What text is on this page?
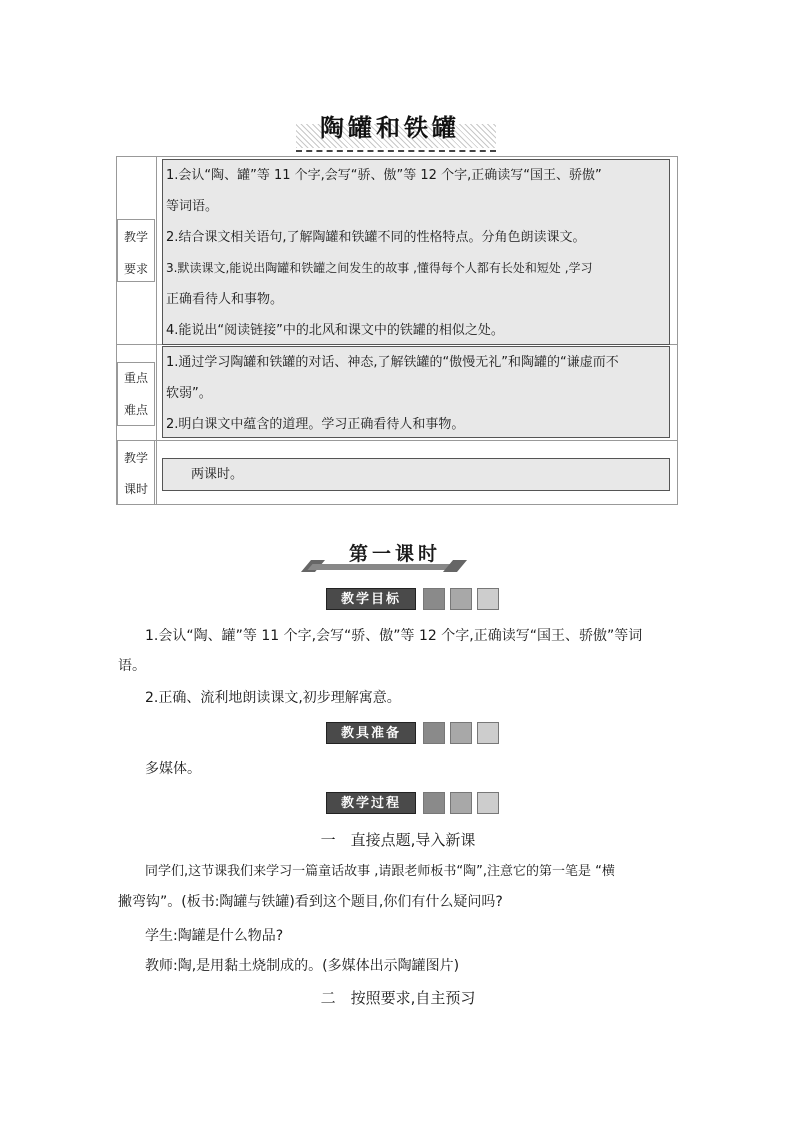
陶罐和铁罐
教学
要求

1.会认“陶、罐”等 11 个字,会写“骄、傲”等 12 个字,正确读写“国王、骄傲”

等词语。

2.结合课文相关语句,了解陶罐和铁罐不同的性格特点。分角色朗读课文。

3.默读课文,能说出陶罐和铁罐之间发生的故事 ,懂得每个人都有长处和短处 ,学习

正确看待人和事物。

4.能说出“阅读链接”中的北风和课文中的铁罐的相似之处。

重点
难点

1.通过学习陶罐和铁罐的对话、神态,了解铁罐的“傲慢无礼”和陶罐的“谦虚而不

软弱”。

2.明白课文中蕴含的道理。学习正确看待人和事物。

教学
课时
两课时。
第一课时
教学目标
1.会认“陶、罐”等 11 个字,会写“骄、傲”等 12 个字,正确读写“国王、骄傲”等词
语。
2.正确、流利地朗读课文,初步理解寓意。
教具准备
多媒体。
教学过程
一　直接点题,导入新课
同学们,这节课我们来学习一篇童话故事 ,请跟老师板书“陶”,注意它的第一笔是 “横
撇弯钩”。(板书:陶罐与铁罐)看到这个题目,你们有什么疑问吗?
学生:陶罐是什么物品?
教师:陶,是用黏土烧制成的。(多媒体出示陶罐图片)
二　按照要求,自主预习
